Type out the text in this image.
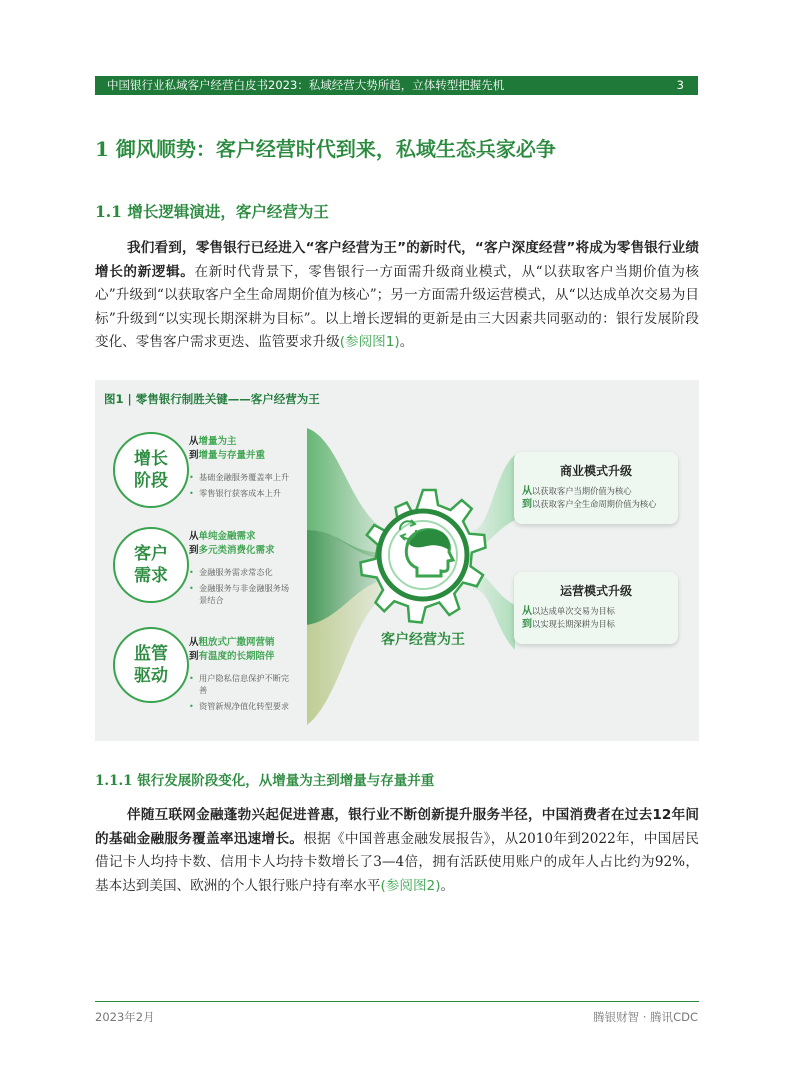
中国银行业私域客户经营白皮书2023：私域经营大势所趋，立体转型把握先机	3
1 御风顺势：客户经营时代到来，私域生态兵家必争
1.1 增长逻辑演进，客户经营为王
我们看到，零售银行已经进入“客户经营为王”的新时代，“客户深度经营”将成为零售银行业绩增长的新逻辑。在新时代背景下，零售银行一方面需升级商业模式，从“以获取客户当期价值为核心”升级到“以获取客户全生命周期价值为核心”；另一方面需升级运营模式，从“以达成单次交易为目标”升级到“以实现长期深耕为目标”。以上增长逻辑的更新是由三大因素共同驱动的：银行发展阶段变化、零售客户需求更迭、监管要求升级(参阅图1)。
图1 | 零售银行制胜关键——客户经营为王
增长阶段
客户需求
监管驱动
从增量为主
到增量与存量并重
• 基础金融服务覆盖率上升
• 零售银行获客成本上升
从单纯金融需求
到多元类消费化需求
• 金融服务需求常态化
• 金融服务与非金融服务场景结合
从粗放式广撒网营销
到有温度的长期陪伴
• 用户隐私信息保护不断完善
• 资管新规净值化转型要求
客户经营为王
商业模式升级
从以获取客户当期价值为核心
到以获取客户全生命周期价值为核心
运营模式升级
从以达成单次交易为目标
到以实现长期深耕为目标
1.1.1 银行发展阶段变化，从增量为主到增量与存量并重
伴随互联网金融蓬勃兴起促进普惠，银行业不断创新提升服务半径，中国消费者在过去12年间的基础金融服务覆盖率迅速增长。根据《中国普惠金融发展报告》，从2010年到2022年，中国居民借记卡人均持卡数、信用卡人均持卡数增长了3—4倍，拥有活跃使用账户的成年人占比约为92%，基本达到美国、欧洲的个人银行账户持有率水平(参阅图2)。
2023年2月	腾银财智 · 腾讯CDC
